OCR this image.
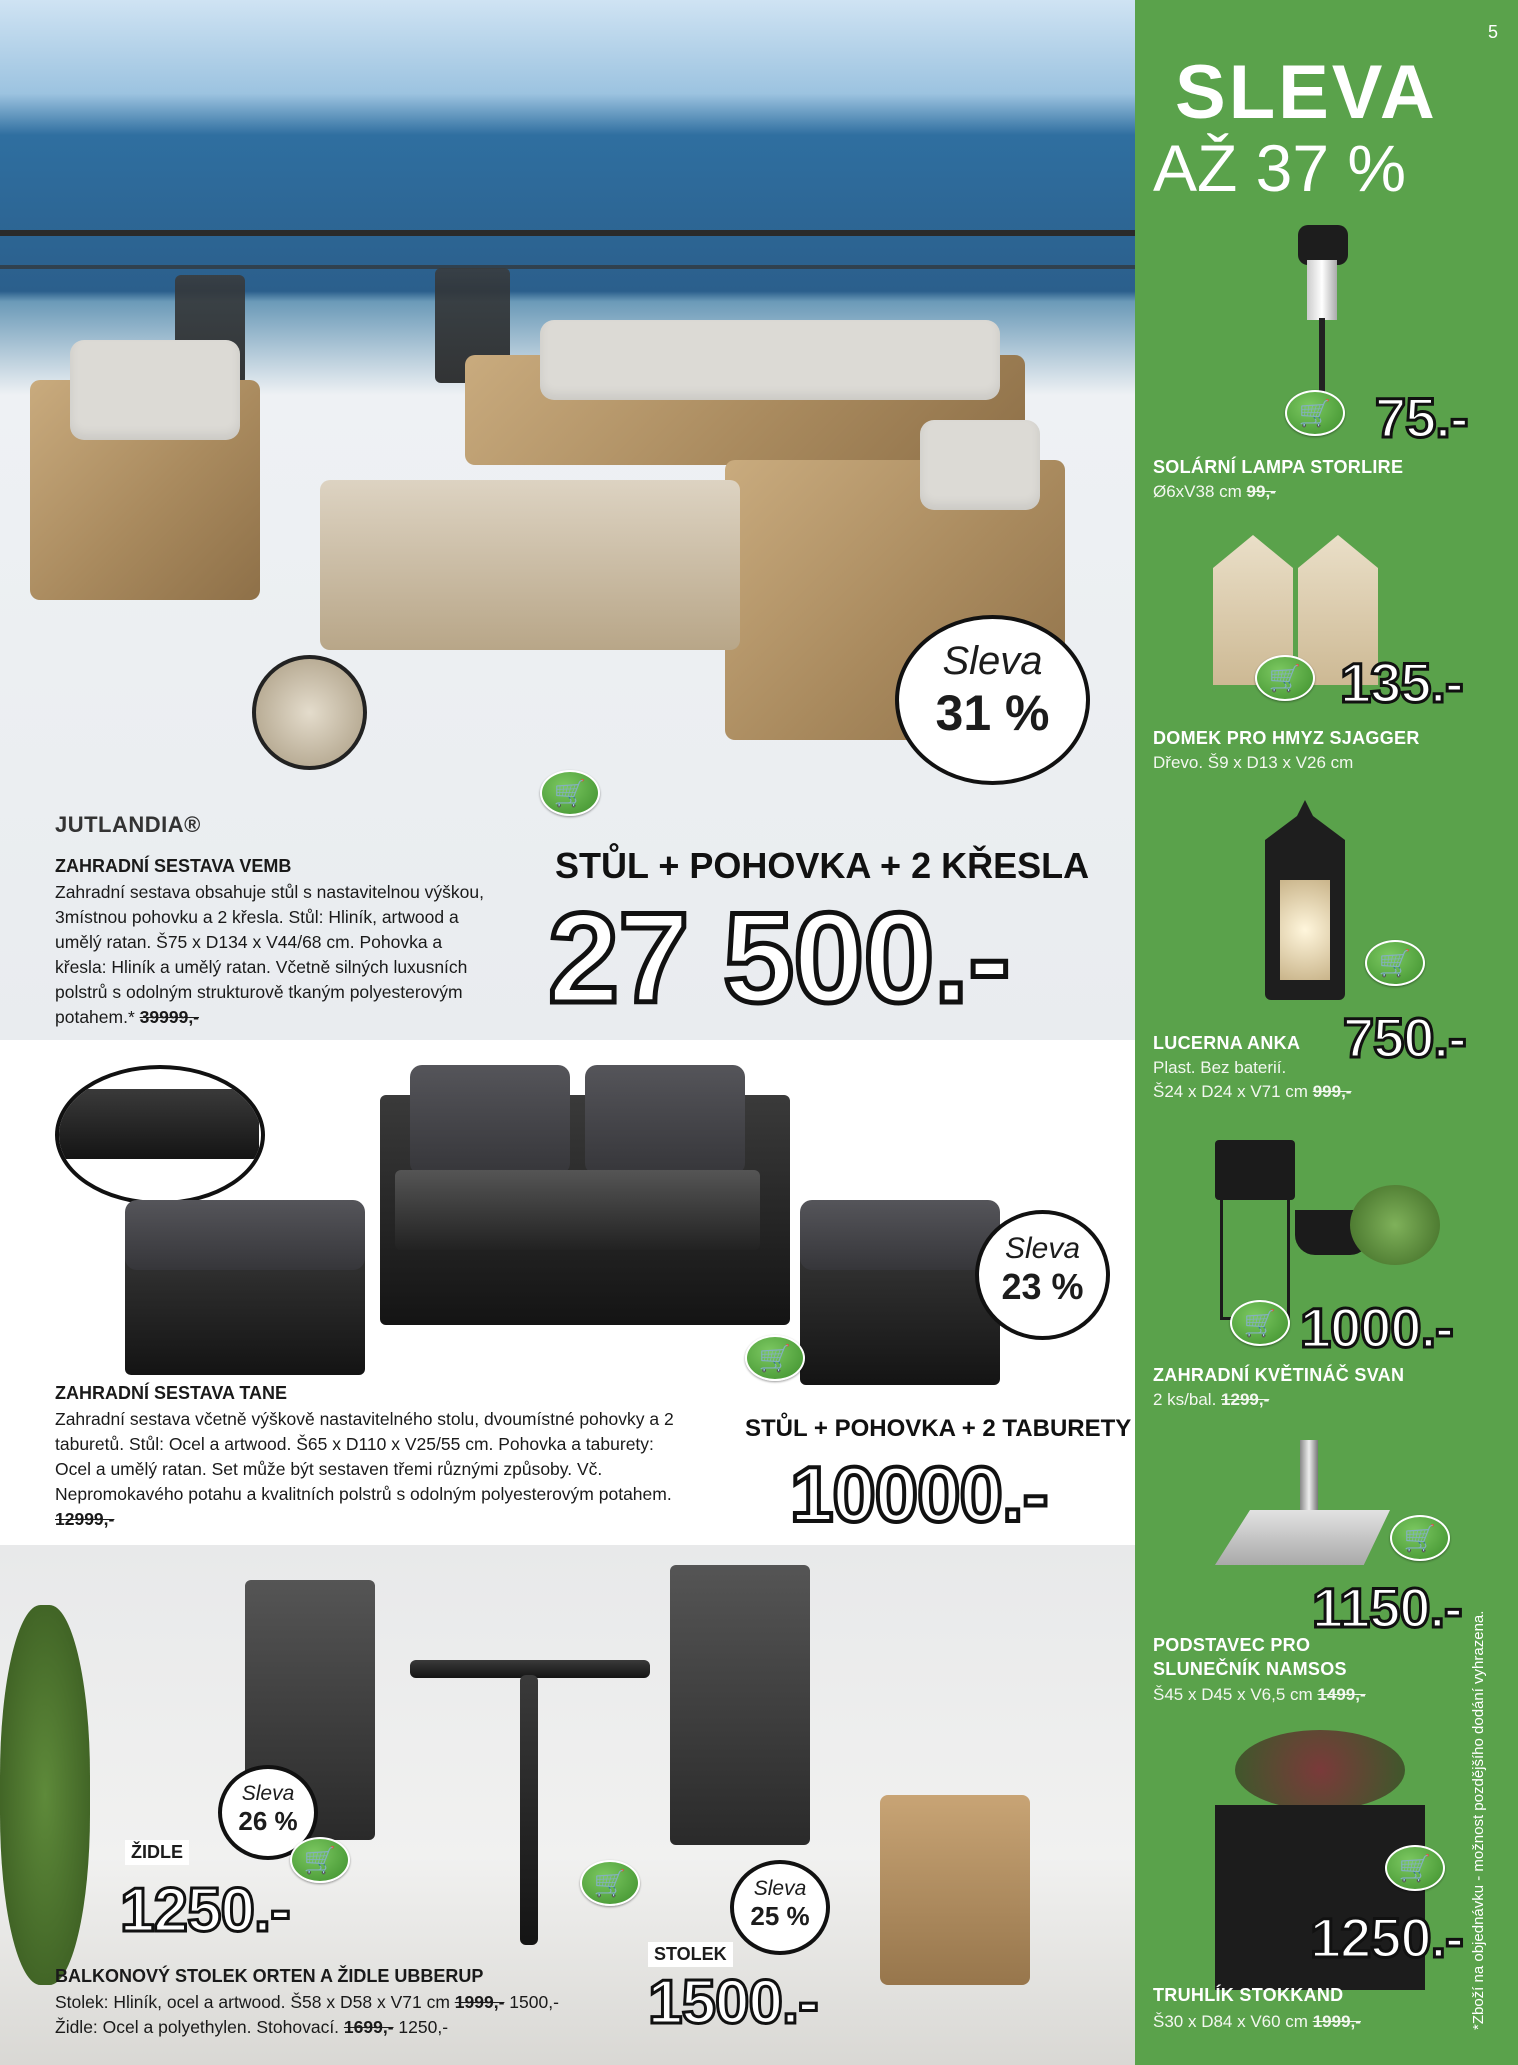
JUTLANDIA®
ZAHRADNÍ SESTAVA VEMB
Zahradní sestava obsahuje stůl s nastavitelnou výškou, 3místnou pohovku a 2 křesla. Stůl: Hliník, artwood a umělý ratan. Š75 x D134 x V44/68 cm. Pohovka a křesla: Hliník a umělý ratan. Včetně silných luxusních polstrů s odolným strukturově tkaným polyesterovým potahem.* 39999,-
Sleva
31 %
🛒
STŮL + POHOVKA + 2 KŘESLA
27 500.-
Sleva
23 %
🛒
ZAHRADNÍ SESTAVA TANE
Zahradní sestava včetně výškově nastavitelného stolu, dvoumístné pohovky a 2 taburetů. Stůl: Ocel a artwood. Š65 x D110 x V25/55 cm. Pohovka a taburety: Ocel a umělý ratan. Set může být sestaven třemi různými způsoby. Vč. Nepromokavého potahu a kvalitních polstrů s odolným polyesterovým potahem. 12999,-
STŮL + POHOVKA + 2 TABURETY
10000.-
Sleva
26 %
🛒
ŽIDLE
1250.-	Sleva
25 %
🛒
STOLEK
1500.-
BALKONOVÝ STOLEK ORTEN A ŽIDLE UBBERUP
Stolek: Hliník, ocel a artwood. Š58 x D58 x V71 cm 1999,- 1500,-
Židle: Ocel a polyethylen. Stohovací. 1699,- 1250,-
5
SLEVA
AŽ 37 %
*Zboží na objednávku - možnost pozdějšího dodání vyhrazena.
🛒 75.-
SOLÁRNÍ LAMPA STORLIRE
Ø6xV38 cm 99,-
🛒 135.-
DOMEK PRO HMYZ SJAGGER
Dřevo. Š9 x D13 x V26 cm
🛒
750.-
LUCERNA ANKA
Plast. Bez baterií.
Š24 x D24 x V71 cm 999,-
🛒 1000.-
ZAHRADNÍ KVĚTINÁČ SVAN
2 ks/bal. 1299,-
🛒
1150.-
PODSTAVEC PRO
SLUNEČNÍK NAMSOS
Š45 x D45 x V6,5 cm 1499,-
🛒
1250.-
TRUHLÍK STOKKAND
Š30 x D84 x V60 cm 1999,-
